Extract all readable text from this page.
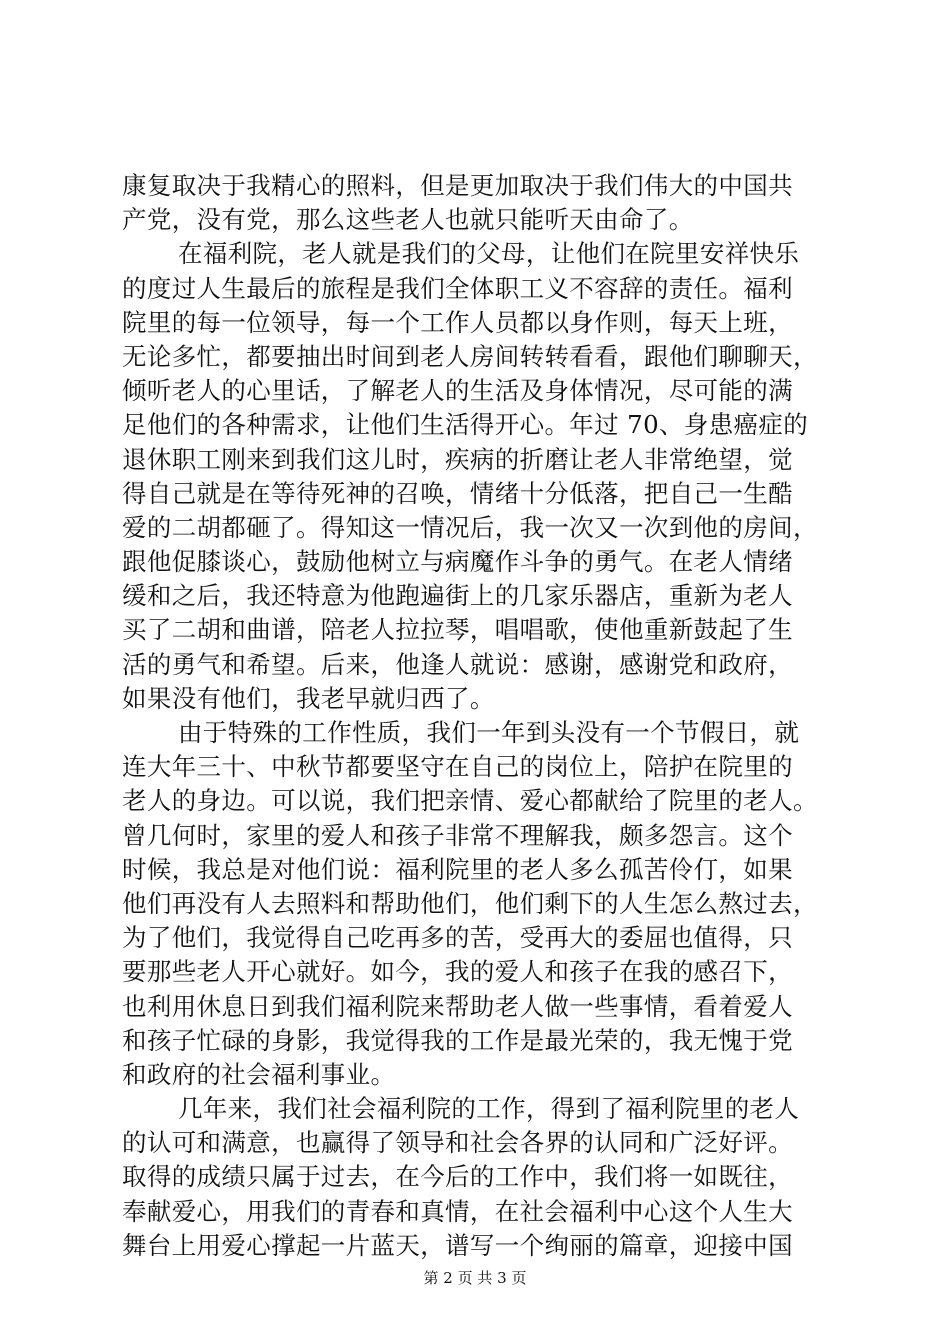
康复取决于我精心的照料，但是更加取决于我们伟大的中国共
产党，没有党，那么这些老人也就只能听天由命了。
在福利院，老人就是我们的父母，让他们在院里安祥快乐
的度过人生最后的旅程是我们全体职工义不容辞的责任。福利
院里的每一位领导，每一个工作人员都以身作则，每天上班，
无论多忙，都要抽出时间到老人房间转转看看，跟他们聊聊天，
倾听老人的心里话，了解老人的生活及身体情况，尽可能的满
足他们的各种需求，让他们生活得开心。年过 70、身患癌症的
退休职工刚来到我们这儿时，疾病的折磨让老人非常绝望，觉
得自己就是在等待死神的召唤，情绪十分低落，把自己一生酷
爱的二胡都砸了。得知这一情况后，我一次又一次到他的房间，
跟他促膝谈心，鼓励他树立与病魔作斗争的勇气。在老人情绪
缓和之后，我还特意为他跑遍街上的几家乐器店，重新为老人
买了二胡和曲谱，陪老人拉拉琴，唱唱歌，使他重新鼓起了生
活的勇气和希望。后来，他逢人就说：感谢，感谢党和政府，
如果没有他们，我老早就归西了。
由于特殊的工作性质，我们一年到头没有一个节假日，就
连大年三十、中秋节都要坚守在自己的岗位上，陪护在院里的
老人的身边。可以说，我们把亲情、爱心都献给了院里的老人。
曾几何时，家里的爱人和孩子非常不理解我，颇多怨言。这个
时候，我总是对他们说：福利院里的老人多么孤苦伶仃，如果
他们再没有人去照料和帮助他们，他们剩下的人生怎么熬过去，
为了他们，我觉得自己吃再多的苦，受再大的委屈也值得，只
要那些老人开心就好。如今，我的爱人和孩子在我的感召下，
也利用休息日到我们福利院来帮助老人做一些事情，看着爱人
和孩子忙碌的身影，我觉得我的工作是最光荣的，我无愧于党
和政府的社会福利事业。
几年来，我们社会福利院的工作，得到了福利院里的老人
的认可和满意，也赢得了领导和社会各界的认同和广泛好评。
取得的成绩只属于过去，在今后的工作中，我们将一如既往，
奉献爱心，用我们的青春和真情，在社会福利中心这个人生大
舞台上用爱心撑起一片蓝天，谱写一个绚丽的篇章，迎接中国
第 2 页 共 3 页
